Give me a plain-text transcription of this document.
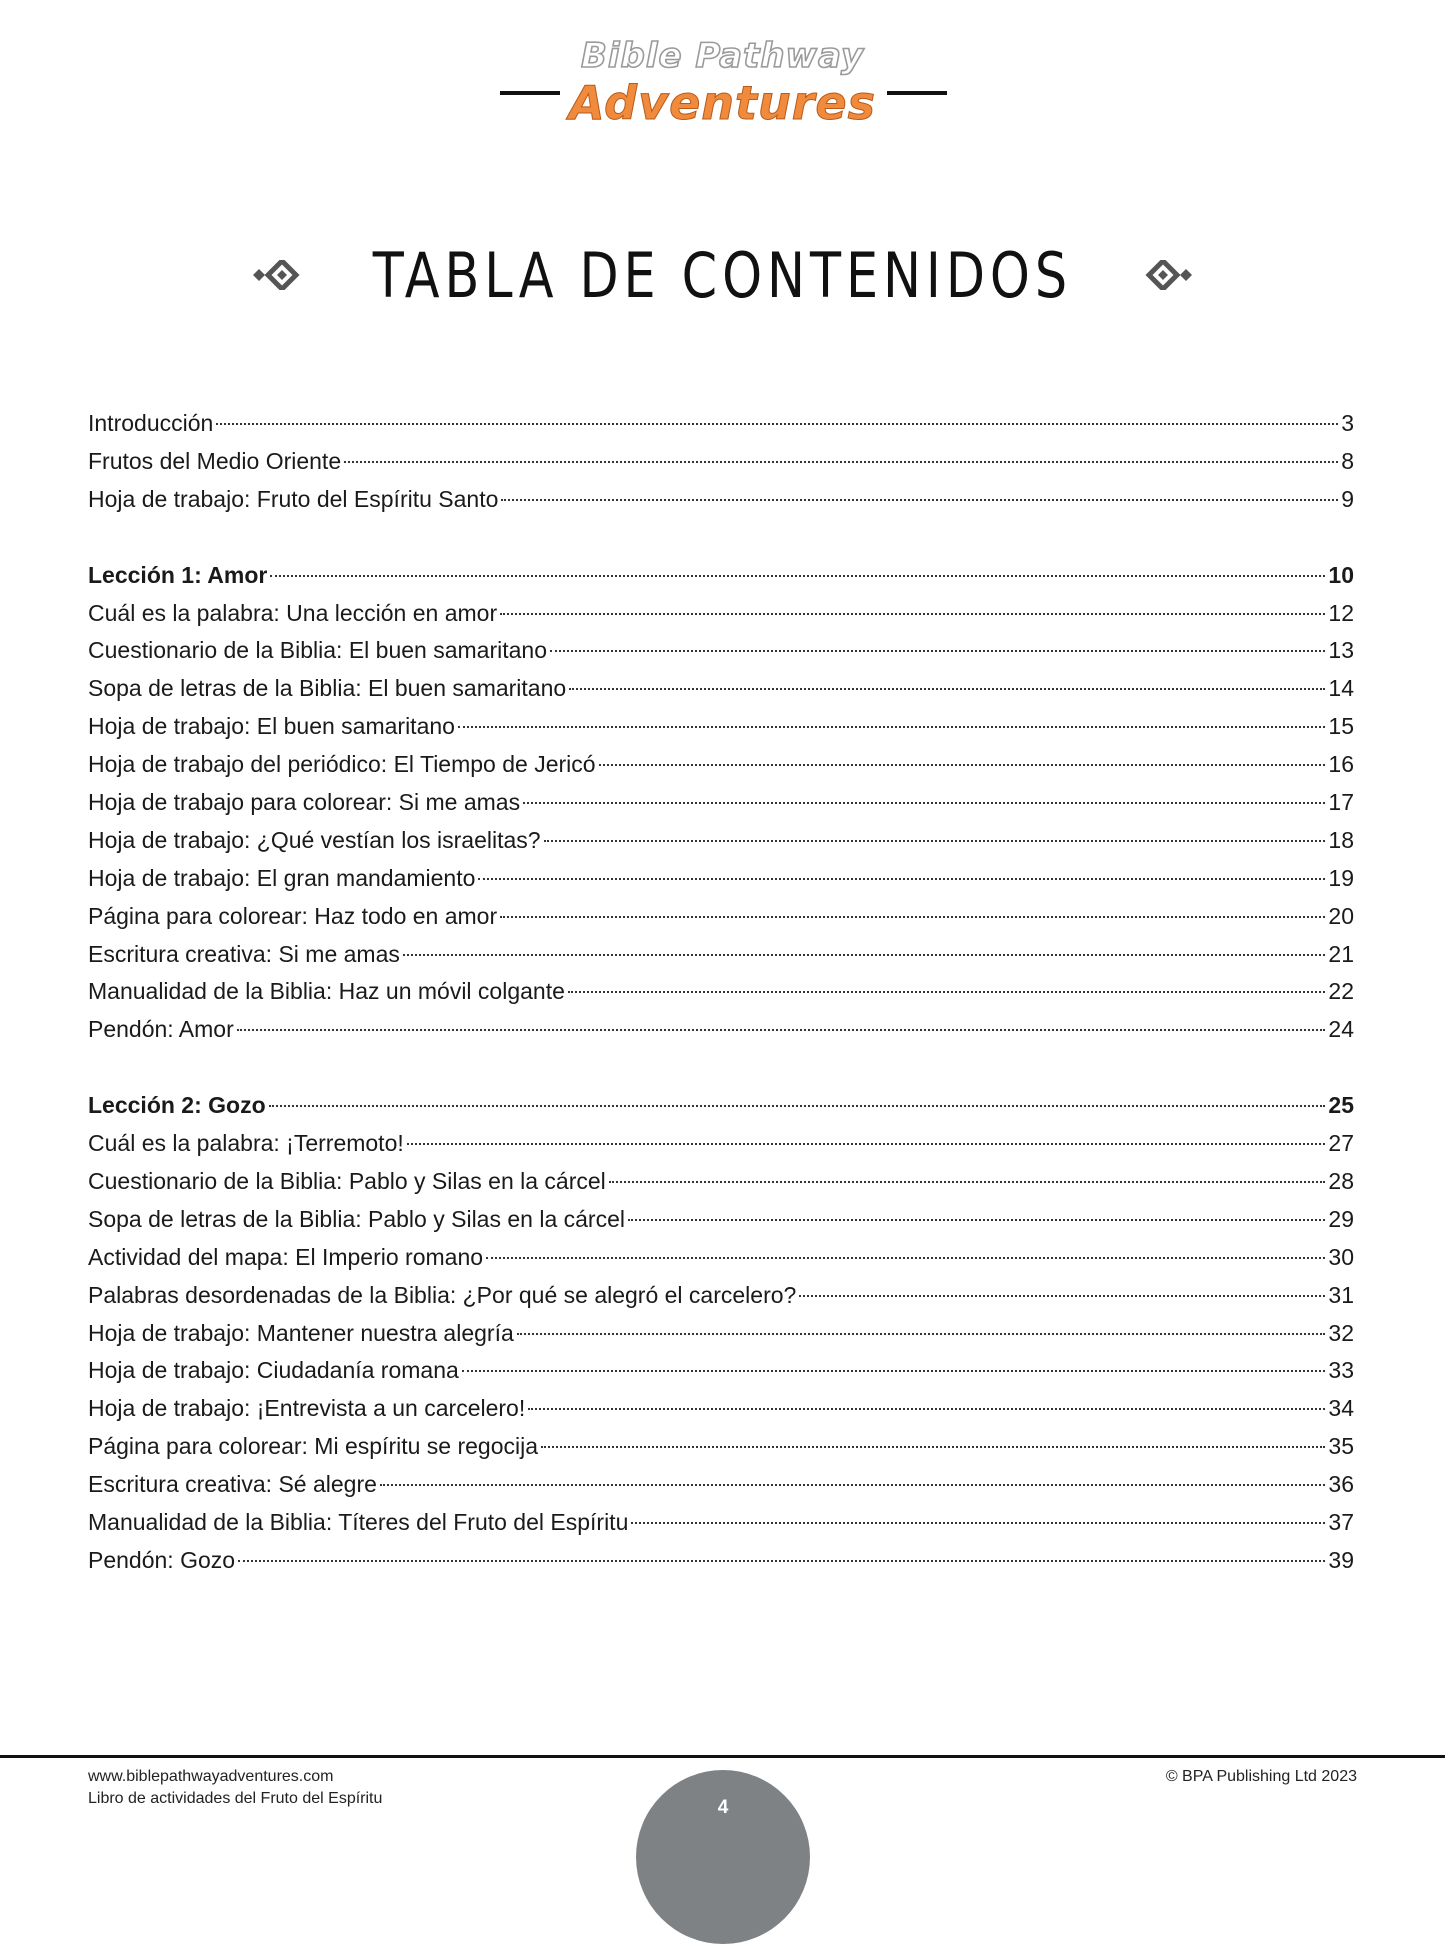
Bible Pathway
Adventures
TABLA DE CONTENIDOS
Introducción	3
Frutos del Medio Oriente	8
Hoja de trabajo: Fruto del Espíritu Santo	9
Lección 1: Amor	10
Cuál es la palabra: Una lección en amor	12
Cuestionario de la Biblia: El buen samaritano	13
Sopa de letras de la Biblia: El buen samaritano	14
Hoja de trabajo: El buen samaritano	15
Hoja de trabajo del periódico: El Tiempo de Jericó	16
Hoja de trabajo para colorear: Si me amas	17
Hoja de trabajo: ¿Qué vestían los israelitas?	18
Hoja de trabajo: El gran mandamiento	19
Página para colorear: Haz todo en amor	20
Escritura creativa: Si me amas	21
Manualidad de la Biblia: Haz un móvil colgante	22
Pendón: Amor	24
Lección 2: Gozo	25
Cuál es la palabra: ¡Terremoto!	27
Cuestionario de la Biblia: Pablo y Silas en la cárcel	28
Sopa de letras de la Biblia: Pablo y Silas en la cárcel	29
Actividad del mapa: El Imperio romano	30
Palabras desordenadas de la Biblia: ¿Por qué se alegró el carcelero?	31
Hoja de trabajo: Mantener nuestra alegría	32
Hoja de trabajo: Ciudadanía romana	33
Hoja de trabajo: ¡Entrevista a un carcelero!	34
Página para colorear: Mi espíritu se regocija	35
Escritura creativa: Sé alegre	36
Manualidad de la Biblia: Títeres del Fruto del Espíritu	37
Pendón: Gozo	39
www.biblepathwayadventures.com
Libro de actividades del Fruto del Espíritu
© BPA Publishing Ltd 2023
4
